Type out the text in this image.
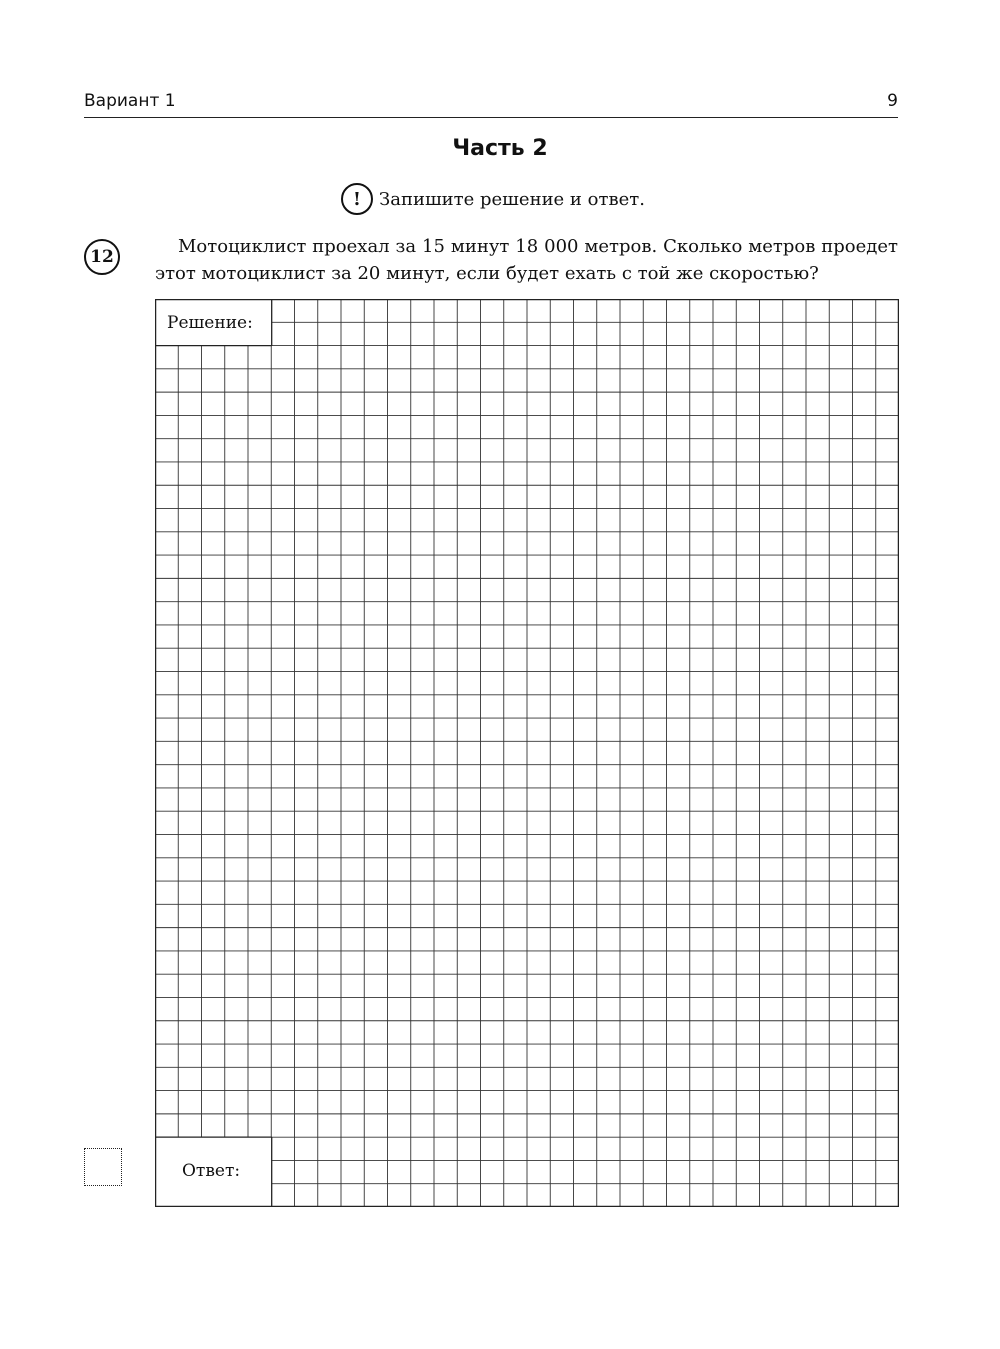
Вариант 1	9
Часть 2
!	Запишите решение и ответ.
12	Мотоциклист проехал за 15 минут 18 000 метров. Сколько метров проедет этот мотоциклист за 20 минут, если будет ехать с той же скоростью?
Решение:
Ответ:
